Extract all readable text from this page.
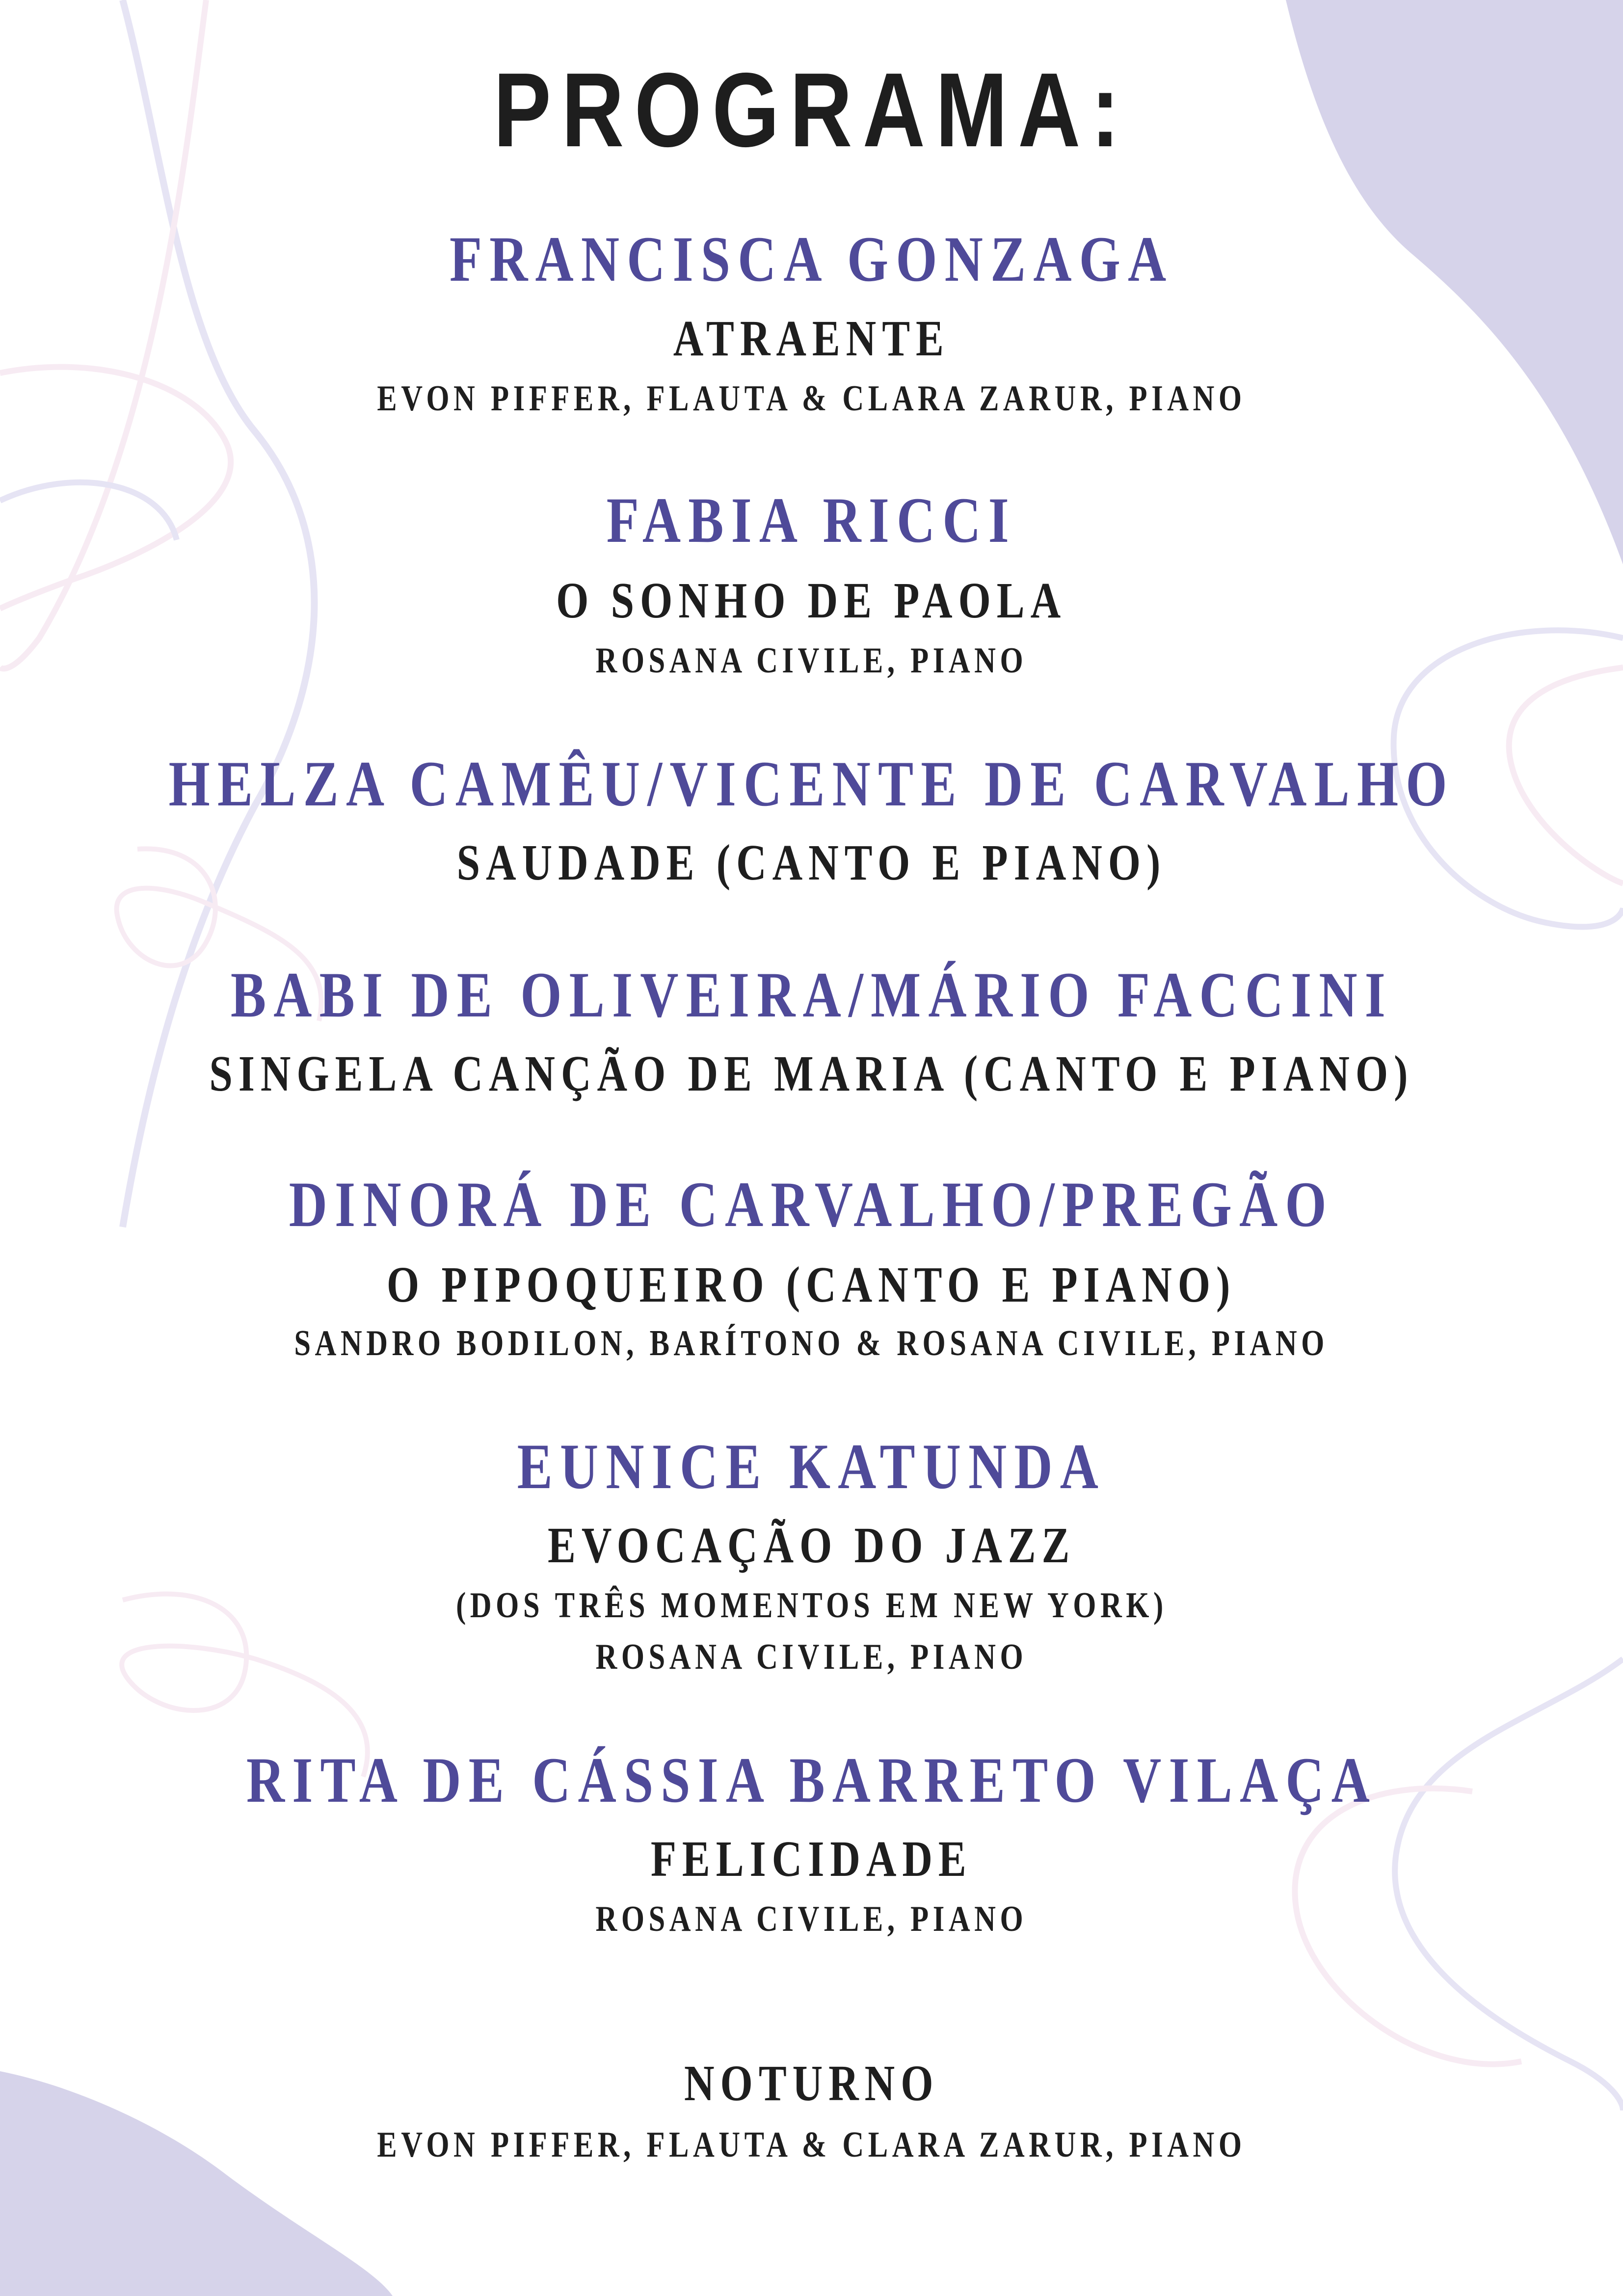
PROGRAMA:
FRANCISCA GONZAGA
ATRAENTE
EVON PIFFER, FLAUTA & CLARA ZARUR, PIANO
FABIA RICCI
O SONHO DE PAOLA
ROSANA CIVILE, PIANO
HELZA CAMÊU/VICENTE DE CARVALHO
SAUDADE (CANTO E PIANO)
BABI DE OLIVEIRA/MÁRIO FACCINI
SINGELA CANÇÃO DE MARIA (CANTO E PIANO)
DINORÁ DE CARVALHO/PREGÃO
O PIPOQUEIRO (CANTO E PIANO)
SANDRO BODILON, BARÍTONO & ROSANA CIVILE, PIANO
EUNICE KATUNDA
EVOCAÇÃO DO JAZZ
(DOS TRÊS MOMENTOS EM NEW YORK)
ROSANA CIVILE, PIANO
RITA DE CÁSSIA BARRETO VILAÇA
FELICIDADE
ROSANA CIVILE, PIANO
NOTURNO
EVON PIFFER, FLAUTA & CLARA ZARUR, PIANO
